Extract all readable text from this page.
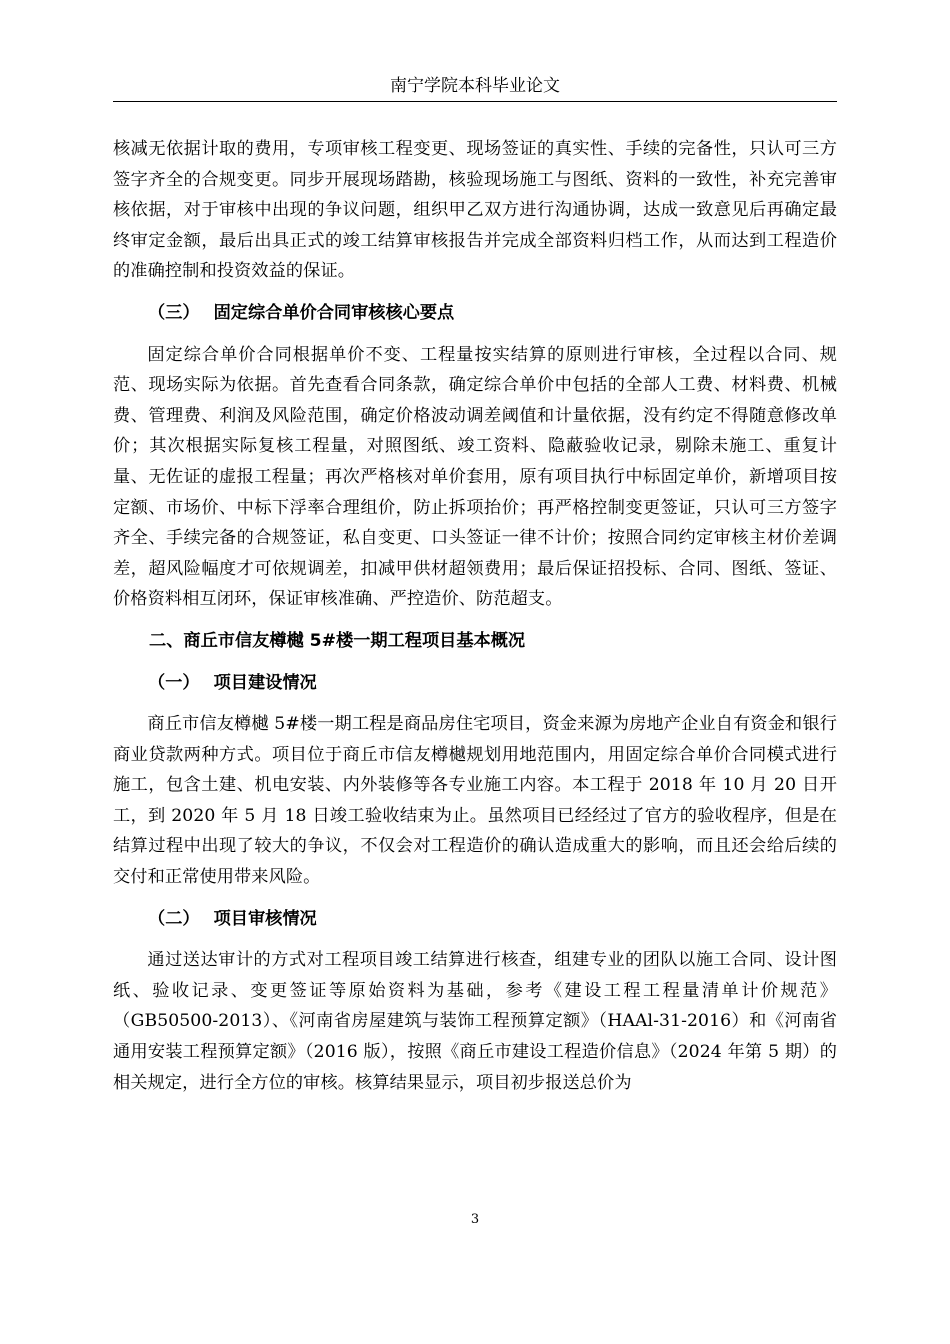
南宁学院本科毕业论文

核减无依据计取的费用，专项审核工程变更、现场签证的真实性、手续的完备性，只认可三方签字齐全的合规变更。同步开展现场踏勘，核验现场施工与图纸、资料的一致性，补充完善审核依据，对于审核中出现的争议问题，组织甲乙双方进行沟通协调，达成一致意见后再确定最终审定金额，最后出具正式的竣工结算审核报告并完成全部资料归档工作，从而达到工程造价的准确控制和投资效益的保证。

（三） 固定综合单价合同审核核心要点

固定综合单价合同根据单价不变、工程量按实结算的原则进行审核，全过程以合同、规范、现场实际为依据。首先查看合同条款，确定综合单价中包括的全部人工费、材料费、机械费、管理费、利润及风险范围，确定价格波动调差阈值和计量依据，没有约定不得随意修改单价；其次根据实际复核工程量，对照图纸、竣工资料、隐蔽验收记录，剔除未施工、重复计量、无佐证的虚报工程量；再次严格核对单价套用，原有项目执行中标固定单价，新增项目按定额、市场价、中标下浮率合理组价，防止拆项抬价；再严格控制变更签证，只认可三方签字齐全、手续完备的合规签证，私自变更、口头签证一律不计价；按照合同约定审核主材价差调差，超风险幅度才可依规调差，扣减甲供材超领费用；最后保证招投标、合同、图纸、签证、价格资料相互闭环，保证审核准确、严控造价、防范超支。

二、商丘市信友樽樾 5#楼一期工程项目基本概况
（一） 项目建设情况

商丘市信友樽樾 5#楼一期工程是商品房住宅项目，资金来源为房地产企业自有资金和银行商业贷款两种方式。项目位于商丘市信友樽樾规划用地范围内，用固定综合单价合同模式进行施工，包含土建、机电安装、内外装修等各专业施工内容。本工程于 2018 年 10 月 20 日开工，到 2020 年 5 月 18 日竣工验收结束为止。虽然项目已经经过了官方的验收程序，但是在结算过程中出现了较大的争议，不仅会对工程造价的确认造成重大的影响，而且还会给后续的交付和正常使用带来风险。

（二） 项目审核情况

通过送达审计的方式对工程项目竣工结算进行核查，组建专业的团队以施工合同、设计图纸、验收记录、变更签证等原始资料为基础，参考《建设工程工程量清单计价规范》（GB50500-2013）、《河南省房屋建筑与装饰工程预算定额》（HAAl-31-2016）和《河南省通用安装工程预算定额》（2016 版），按照《商丘市建设工程造价信息》（2024 年第 5 期）的相关规定，进行全方位的审核。核算结果显示，项目初步报送总价为

3
